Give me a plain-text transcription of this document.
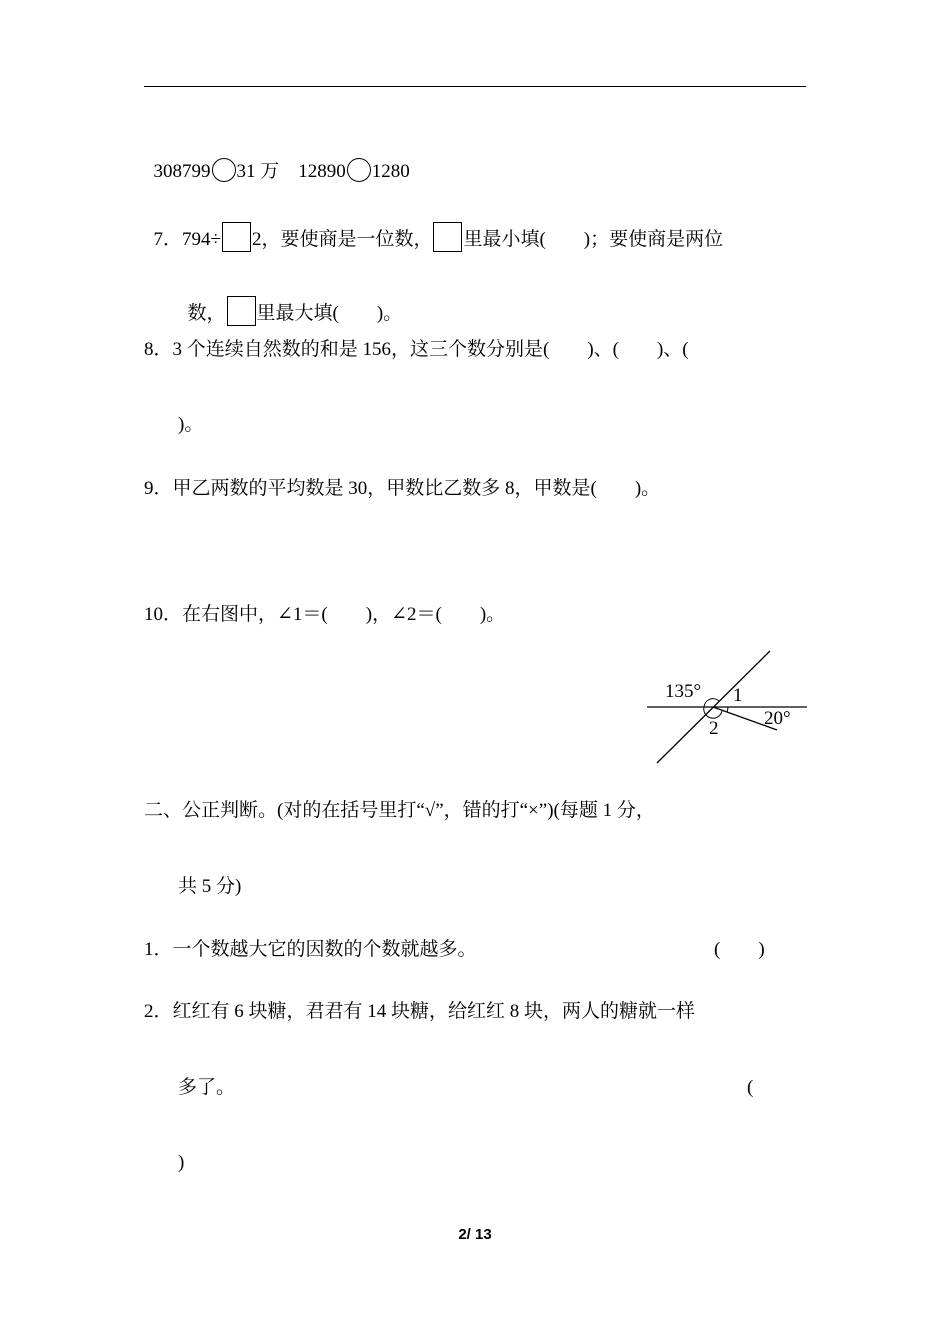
308799 31 万　 12890 1280

7．794÷ 2，要使商是一位数， 里最小填(　　)；要使商是两位

数， 里最大填(　　)。

8．3 个连续自然数的和是 156，这三个数分别是(　　)、(　　)、(
)。
9．甲乙两数的平均数是 30，甲数比乙数多 8，甲数是(　　)。
10．在右图中，∠1＝(　　)，∠2＝(　　)。
135° 1
2 20°
二、公正判断。(对的在括号里打“√”，错的打“×”)(每题 1 分，
共 5 分)
1．一个数越大它的因数的个数就越多。	(　　)
2．红红有 6 块糖，君君有 14 块糖，给红红 8 块，两人的糖就一样
多了。	(
)
2/ 13
